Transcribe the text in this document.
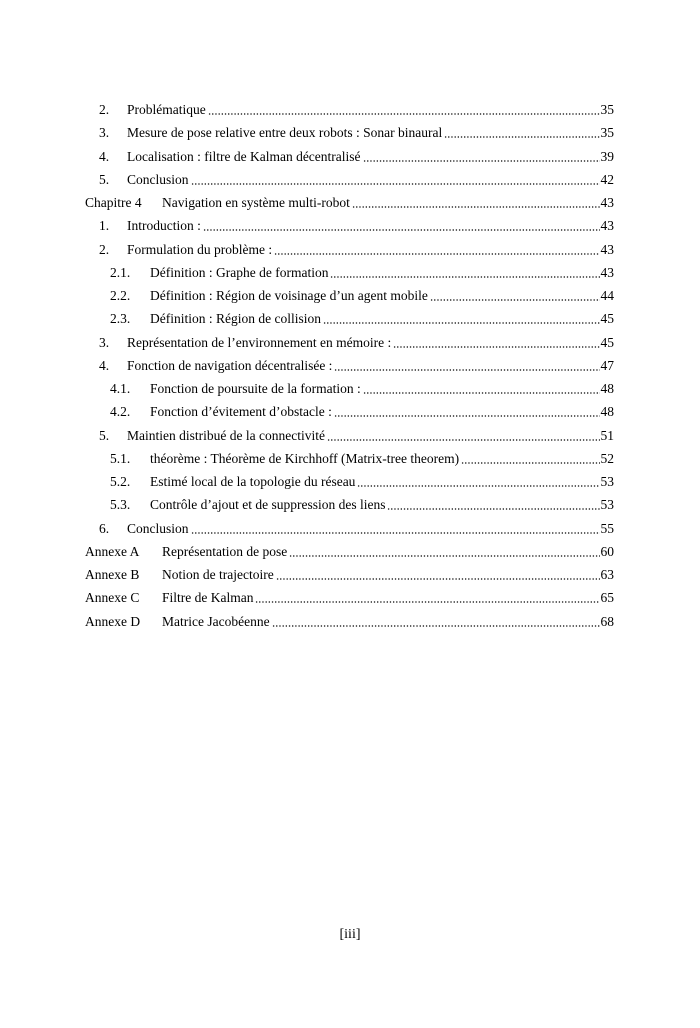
2. Problématique	35
3. Mesure de pose relative entre deux robots : Sonar binaural	35
4. Localisation : filtre de Kalman décentralisé	39
5. Conclusion	42
Chapitre 4 Navigation en système multi-robot	43
1. Introduction :	43
2. Formulation du problème :	43
2.1. Définition : Graphe de formation	43
2.2. Définition : Région de voisinage d’un agent mobile	44
2.3. Définition : Région de collision	45
3. Représentation de l’environnement en mémoire :	45
4. Fonction de navigation décentralisée :	47
4.1. Fonction de poursuite de la formation :	48
4.2. Fonction d’évitement d’obstacle :	48
5. Maintien distribué de la connectivité	51
5.1. théorème : Théorème de Kirchhoff (Matrix-tree theorem)	52
5.2. Estimé local de la topologie du réseau	53
5.3. Contrôle d’ajout et de suppression des liens	53
6. Conclusion	55
Annexe A Représentation de pose	60
Annexe B Notion de trajectoire	63
Annexe C Filtre de Kalman	65
Annexe D Matrice Jacobéenne	68
[iii]
